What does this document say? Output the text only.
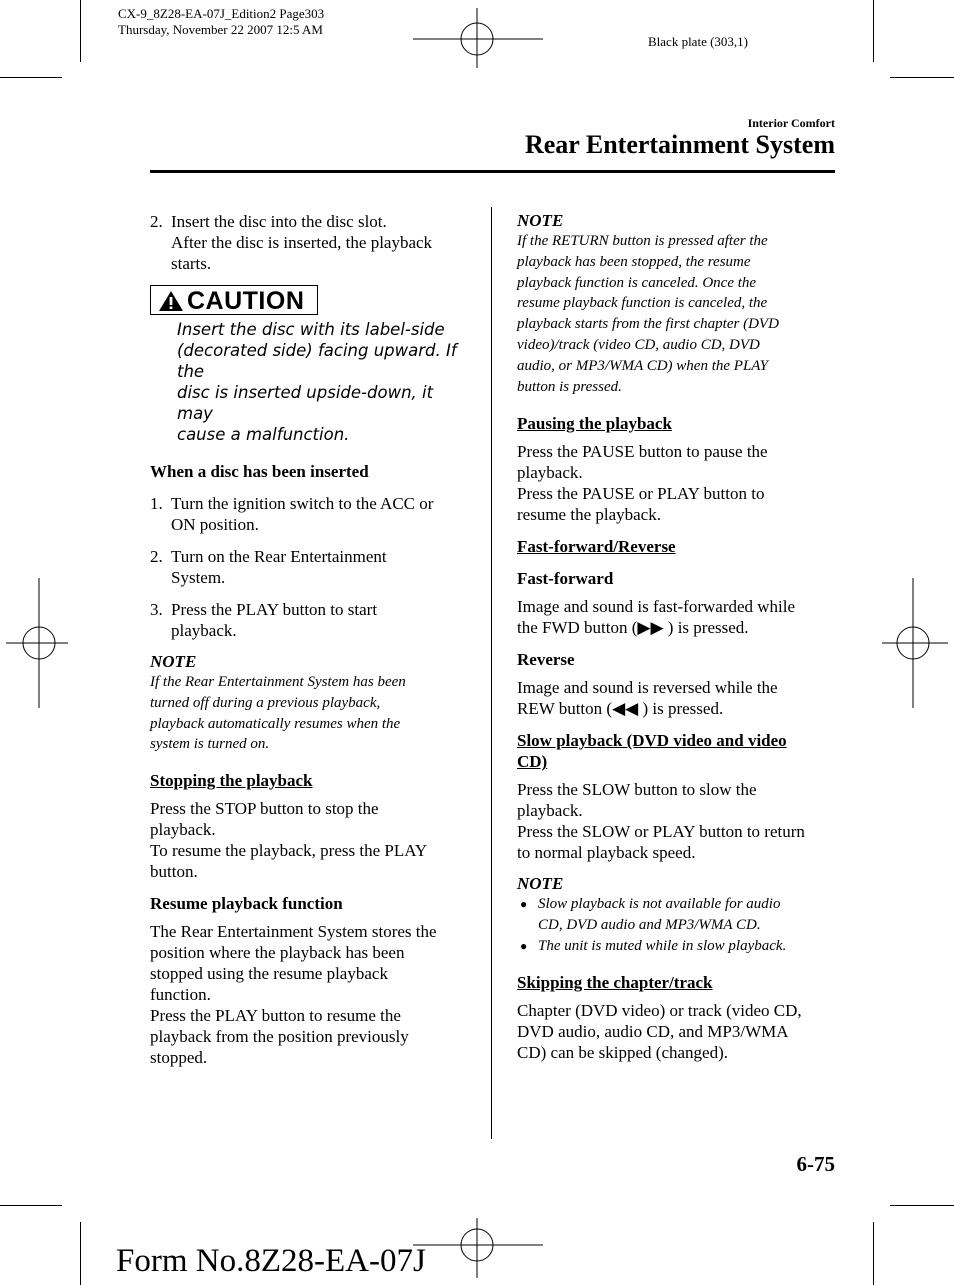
CX-9_8Z28-EA-07J_Edition2 Page303
Thursday, November 22 2007 12:5 AM
Black plate (303,1)
Interior Comfort
Rear Entertainment System
2. Insert the disc into the disc slot.

After the disc is inserted, the playback

starts.

CAUTION
Insert the disc with its label-side
(decorated side) facing upward. If the
disc is inserted upside-down, it may
cause a malfunction.

When a disc has been inserted

1. Turn the ignition switch to the ACC or

ON position.

2. Turn on the Rear Entertainment

System.

3. Press the PLAY button to start

playback.

NOTE

If the Rear Entertainment System has been

turned off during a previous playback,

playback automatically resumes when the

system is turned on.

Stopping the playback

Press the STOP button to stop the

playback.

To resume the playback, press the PLAY

button.

Resume playback function

The Rear Entertainment System stores the

position where the playback has been

stopped using the resume playback

function.

Press the PLAY button to resume the

playback from the position previously

stopped.

NOTE

If the RETURN button is pressed after the

playback has been stopped, the resume

playback function is canceled. Once the

resume playback function is canceled, the

playback starts from the first chapter (DVD

video)/track (video CD, audio CD, DVD

audio, or MP3/WMA CD) when the PLAY

button is pressed.

Pausing the playback

Press the PAUSE button to pause the

playback.

Press the PAUSE or PLAY button to

resume the playback.

Fast-forward/Reverse

Fast-forward

Image and sound is fast-forwarded while

the FWD button (▶▶ ) is pressed.

Reverse

Image and sound is reversed while the

REW button (◀◀ ) is pressed.

Slow playback (DVD video and video

CD)

Press the SLOW button to slow the

playback.

Press the SLOW or PLAY button to return

to normal playback speed.

NOTE

● Slow playback is not available for audio
CD, DVD audio and MP3/WMA CD.
● The unit is muted while in slow playback.

Skipping the chapter/track

Chapter (DVD video) or track (video CD,

DVD audio, audio CD, and MP3/WMA

CD) can be skipped (changed).

6-75
Form No.8Z28-EA-07J
